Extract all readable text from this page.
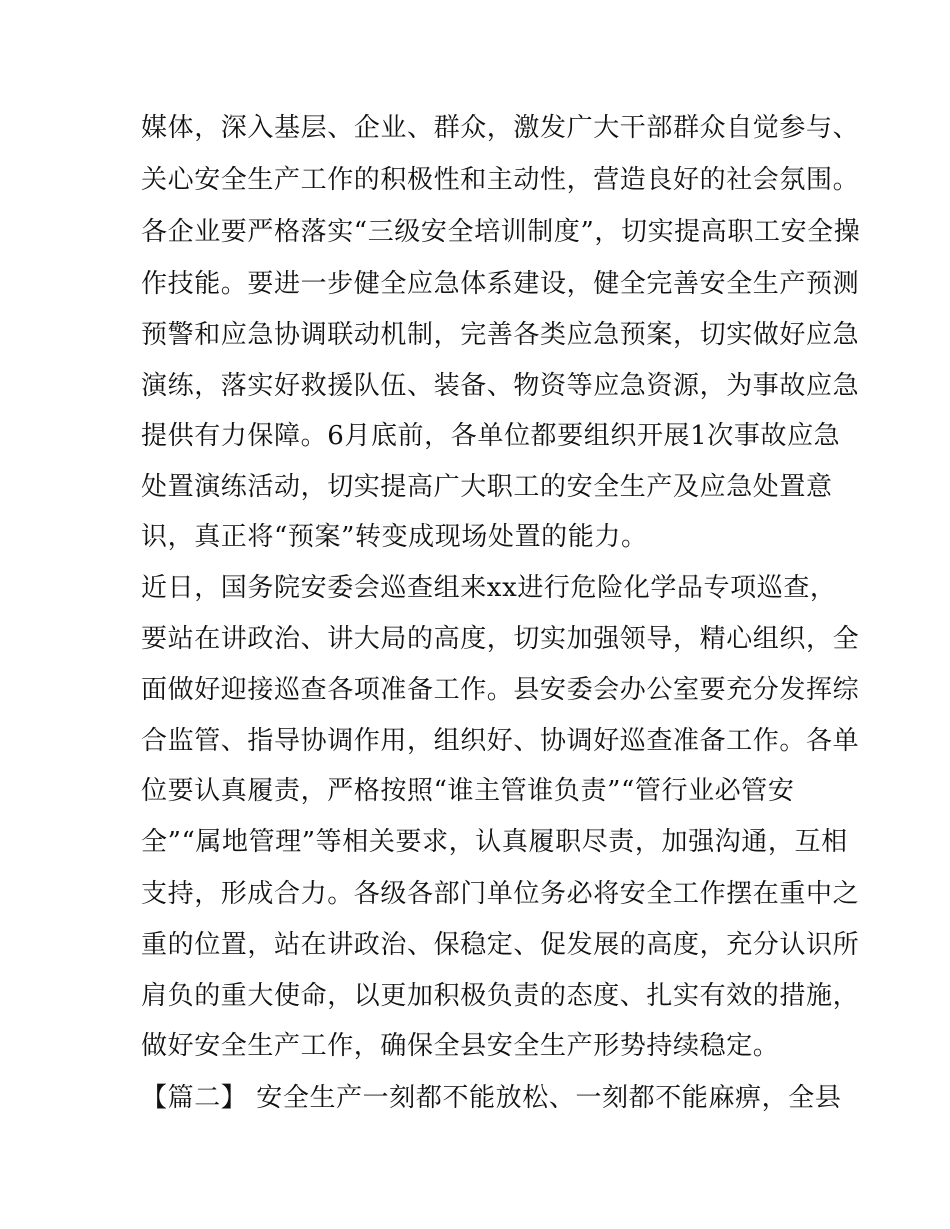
媒体，深入基层、企业、群众，激发广大干部群众自觉参与、
关心安全生产工作的积极性和主动性，营造良好的社会氛围。
各企业要严格落实“三级安全培训制度”，切实提高职工安全操
作技能。要进一步健全应急体系建设，健全完善安全生产预测
预警和应急协调联动机制，完善各类应急预案，切实做好应急
演练，落实好救援队伍、装备、物资等应急资源，为事故应急
提供有力保障。6月底前，各单位都要组织开展1次事故应急
处置演练活动，切实提高广大职工的安全生产及应急处置意
识，真正将“预案”转变成现场处置的能力。
近日，国务院安委会巡查组来xx进行危险化学品专项巡查，
要站在讲政治、讲大局的高度，切实加强领导，精心组织，全
面做好迎接巡查各项准备工作。县安委会办公室要充分发挥综
合监管、指导协调作用，组织好、协调好巡查准备工作。各单
位要认真履责，严格按照“谁主管谁负责”“管行业必管安
全”“属地管理”等相关要求，认真履职尽责，加强沟通，互相
支持，形成合力。各级各部门单位务必将安全工作摆在重中之
重的位置，站在讲政治、保稳定、促发展的高度，充分认识所
肩负的重大使命，以更加积极负责的态度、扎实有效的措施，
做好安全生产工作，确保全县安全生产形势持续稳定。
【篇二】 安全生产一刻都不能放松、一刻都不能麻痹，全县
